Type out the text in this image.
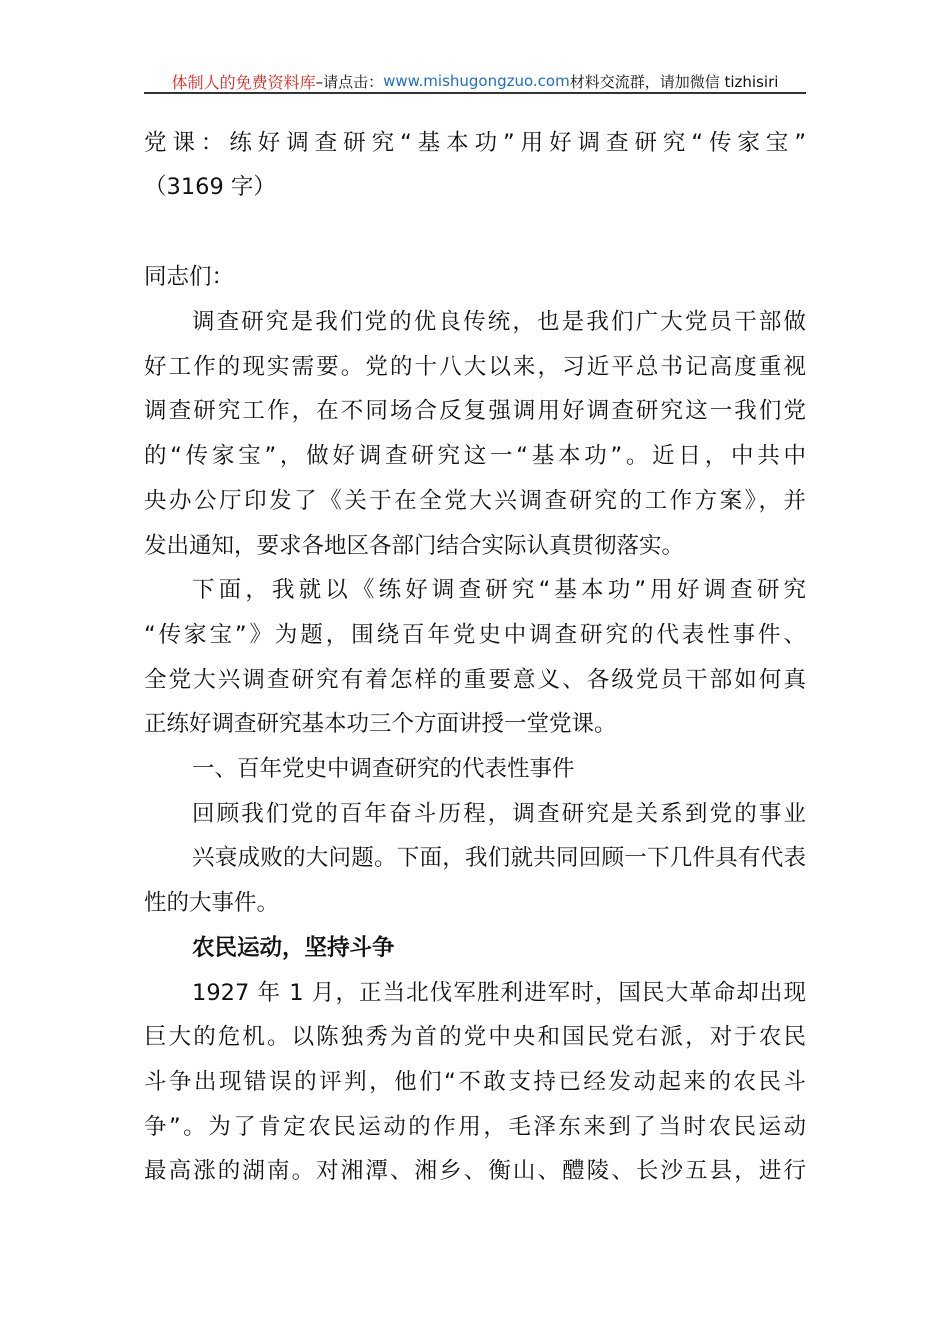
体制人的免费资料库 –请点击： www.mishugongzuo.com 材料交流群，请加微信 tizhisiri
党课：练好调查研究“基本功”用好调查研究“传家宝”
（3169 字）
同志们：
调查研究是我们党的优良传统，也是我们广大党员干部做
好工作的现实需要。党的十八大以来，习近平总书记高度重视
调查研究工作，在不同场合反复强调用好调查研究这一我们党
的“传家宝”，做好调查研究这一“基本功”。近日，中共中
央办公厅印发了《关于在全党大兴调查研究的工作方案》，并
发出通知，要求各地区各部门结合实际认真贯彻落实。
下面，我就以《练好调查研究“基本功”用好调查研究
“传家宝”》为题，围绕百年党史中调查研究的代表性事件、
全党大兴调查研究有着怎样的重要意义、各级党员干部如何真
正练好调查研究基本功三个方面讲授一堂党课。
一、百年党史中调查研究的代表性事件
回顾我们党的百年奋斗历程，调查研究是关系到党的事业
兴衰成败的大问题。下面，我们就共同回顾一下几件具有代表
性的大事件。
农民运动，坚持斗争
1927 年 1 月，正当北伐军胜利进军时，国民大革命却出现
巨大的危机。以陈独秀为首的党中央和国民党右派，对于农民
斗争出现错误的评判，他们“不敢支持已经发动起来的农民斗
争”。为了肯定农民运动的作用，毛泽东来到了当时农民运动
最高涨的湖南。对湘潭、湘乡、衡山、醴陵、长沙五县，进行
